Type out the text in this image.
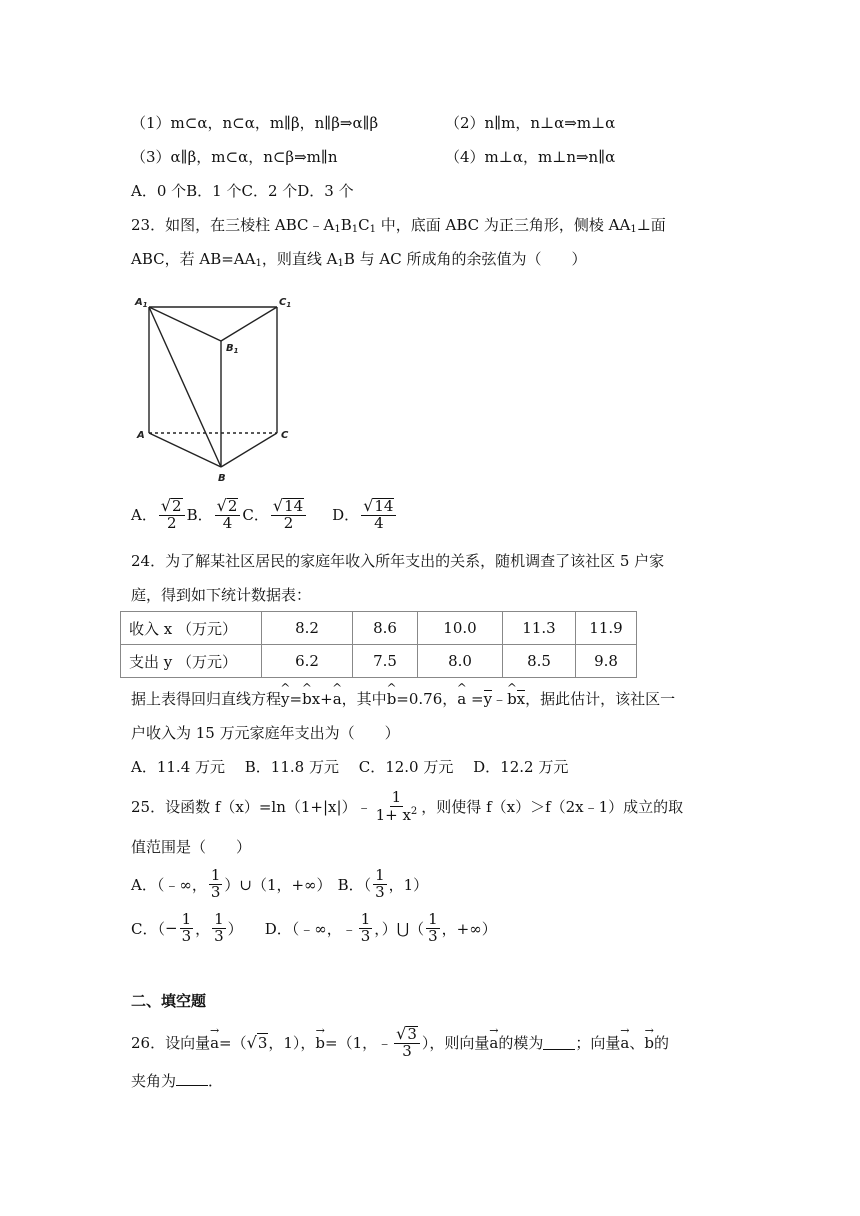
（1）m⊂α，n⊂α，m∥β，n∥β⇒α∥β	（2）n∥m，n⊥α⇒m⊥α
（3）α∥β，m⊂α，n⊂β⇒m∥n	（4）m⊥α，m⊥n⇒n∥α
A．0 个B．1 个C．2 个D．3 个
23．如图，在三棱柱 $ABC﹣A_1B_1C_1$ 中，底面 ABC 为正三角形，侧棱 $AA_1\perp$面
ABC，若 $AB=AA_1$，则直线 $A_1B$ 与 AC 所成角的余弦值为（　　）
$A_1$	$C_1$
$B_1$
A	C
B
A． $\frac{√ 2}{2}$ B． $\frac{√ 2}{4}$ C． $\frac{√ 14}{2}$ D． $\frac{√ 14}{4}$
24．为了解某社区居民的家庭年收入所年支出的关系，随机调查了该社区 5 户家
庭，得到如下统计数据表：
收入 x （万元）	8.2	8.6	10.0	11.3	11.9
支出 y （万元）	6.2	7.5	8.0	8.5	9.8
据上表得回归直线方程^ y=^ bx+^ a，其中^ b=0.76，^ a =y﹣^ bx，据此估计，该社区一
户收入为 15 万元家庭年支出为（　　）
A．11.4 万元　 B．11.8 万元　 C．12.0 万元　 D．12.2 万元
25．设函数 f（x）=ln（1+|x|）﹣ $\frac{1}{1+ x^2}$ ，则使得 f（x）＞f（2x﹣1）成立的取
值范围是（　　）
A．（﹣∞， $\frac{1}{3}$ ）∪（1，+∞） B．（ $\frac{1}{3}$ ，1）
C．（ − $\frac{1}{3}$ ， $\frac{1}{3}$ ） D．（﹣∞，﹣ $\frac{1}{3}$ ，）⋃（ $\frac{1}{3}$ ，+∞）
二、填空题
26．设向量 → a =（ √ 3 ，1）， → b =（1，﹣ $\frac{√ 3}{3}$ ），则向量 → a 的模为 ；向量 → a 、 → b 的
夹角为 ．
